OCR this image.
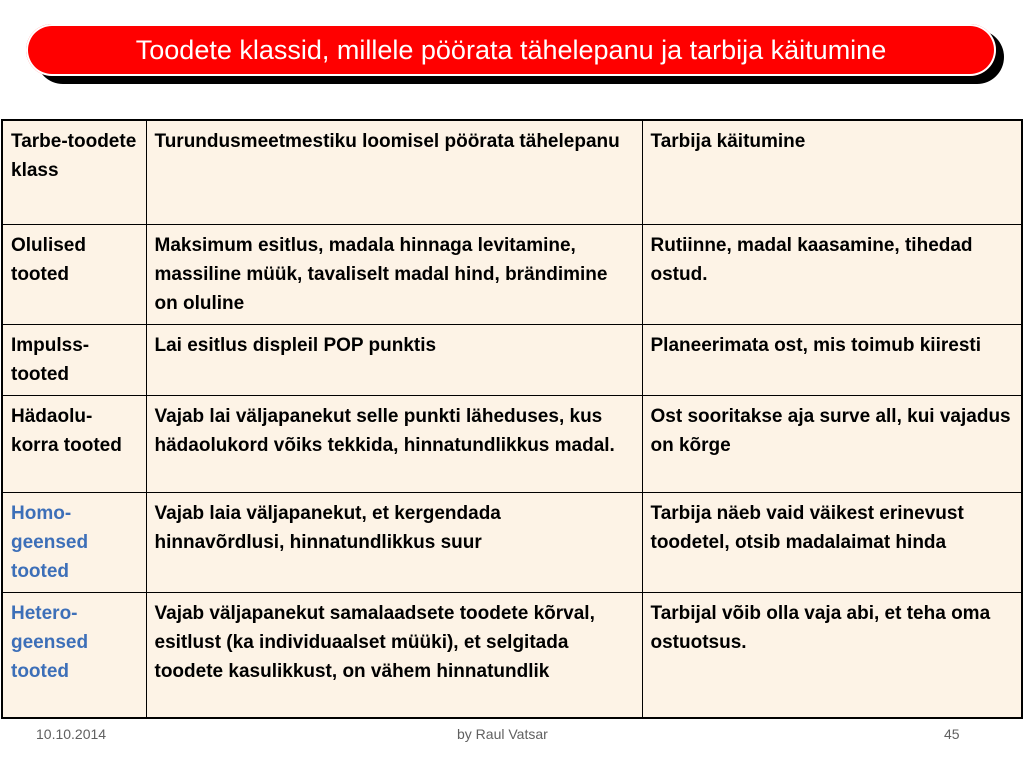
Toodete klassid, millele pöörata tähelepanu ja tarbija käitumine
Tarbe-toodete klass	Turundusmeetmestiku loomisel pöörata tähelepanu	Tarbija käitumine
Olulised tooted	Maksimum esitlus, madala hinnaga levitamine, massiline müük, tavaliselt madal hind, brändimine on oluline	Rutiinne, madal kaasamine, tihedad ostud.
Impulss-tooted	Lai esitlus displeil POP punktis	Planeerimata ost, mis toimub kiiresti
Hädaolu-korra tooted	Vajab lai väljapanekut selle punkti läheduses, kus hädaolukord võiks tekkida, hinnatundlikkus madal.	Ost sooritakse aja surve all, kui vajadus on kõrge
Homo-geensed tooted	Vajab laia väljapanekut, et kergendada hinnavõrdlusi, hinnatundlikkus suur	Tarbija näeb vaid väikest erinevust toodetel, otsib madalaimat hinda
Hetero-geensed tooted	Vajab väljapanekut samalaadsete toodete kõrval, esitlust (ka individuaalset müüki), et selgitada toodete kasulikkust, on vähem hinnatundlik	Tarbijal võib olla vaja abi, et teha oma ostuotsus.
10.10.2014	by Raul Vatsar	45
